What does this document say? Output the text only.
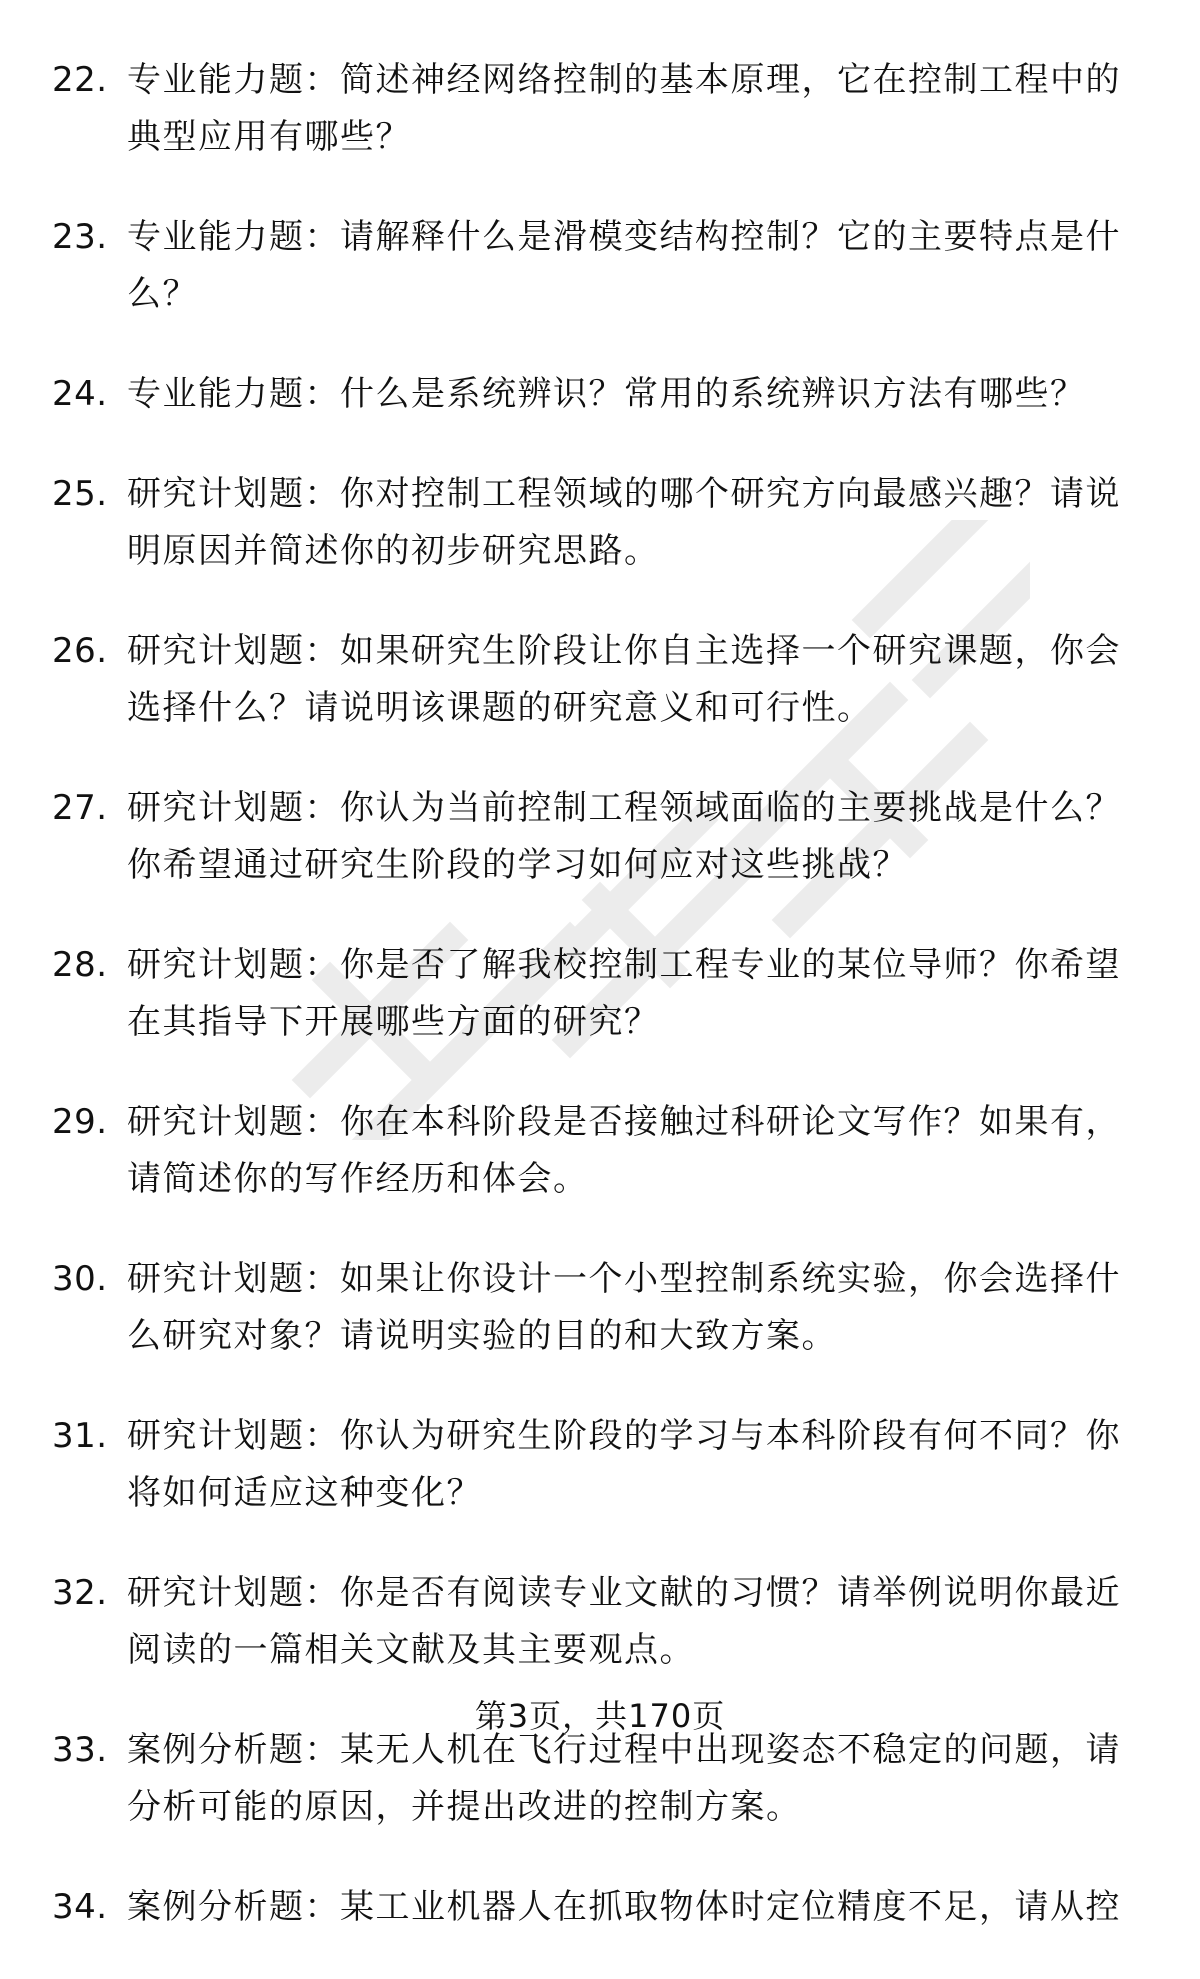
22. 专业能力题：简述神经网络控制的基本原理，它在控制工程中的典型应用有哪些？
23. 专业能力题：请解释什么是滑模变结构控制？它的主要特点是什么？
24. 专业能力题：什么是系统辨识？常用的系统辨识方法有哪些？
25. 研究计划题：你对控制工程领域的哪个研究方向最感兴趣？请说明原因并简述你的初步研究思路。
26. 研究计划题：如果研究生阶段让你自主选择一个研究课题，你会选择什么？请说明该课题的研究意义和可行性。
27. 研究计划题：你认为当前控制工程领域面临的主要挑战是什么？你希望通过研究生阶段的学习如何应对这些挑战？
28. 研究计划题：你是否了解我校控制工程专业的某位导师？你希望在其指导下开展哪些方面的研究？
29. 研究计划题：你在本科阶段是否接触过科研论文写作？如果有，请简述你的写作经历和体会。
30. 研究计划题：如果让你设计一个小型控制系统实验，你会选择什么研究对象？请说明实验的目的和大致方案。
31. 研究计划题：你认为研究生阶段的学习与本科阶段有何不同？你将如何适应这种变化？
32. 研究计划题：你是否有阅读专业文献的习惯？请举例说明你最近阅读的一篇相关文献及其主要观点。
33. 案例分析题：某无人机在飞行过程中出现姿态不稳定的问题，请分析可能的原因，并提出改进的控制方案。
34. 案例分析题：某工业机器人在抓取物体时定位精度不足，请从控
第3页，共170页
